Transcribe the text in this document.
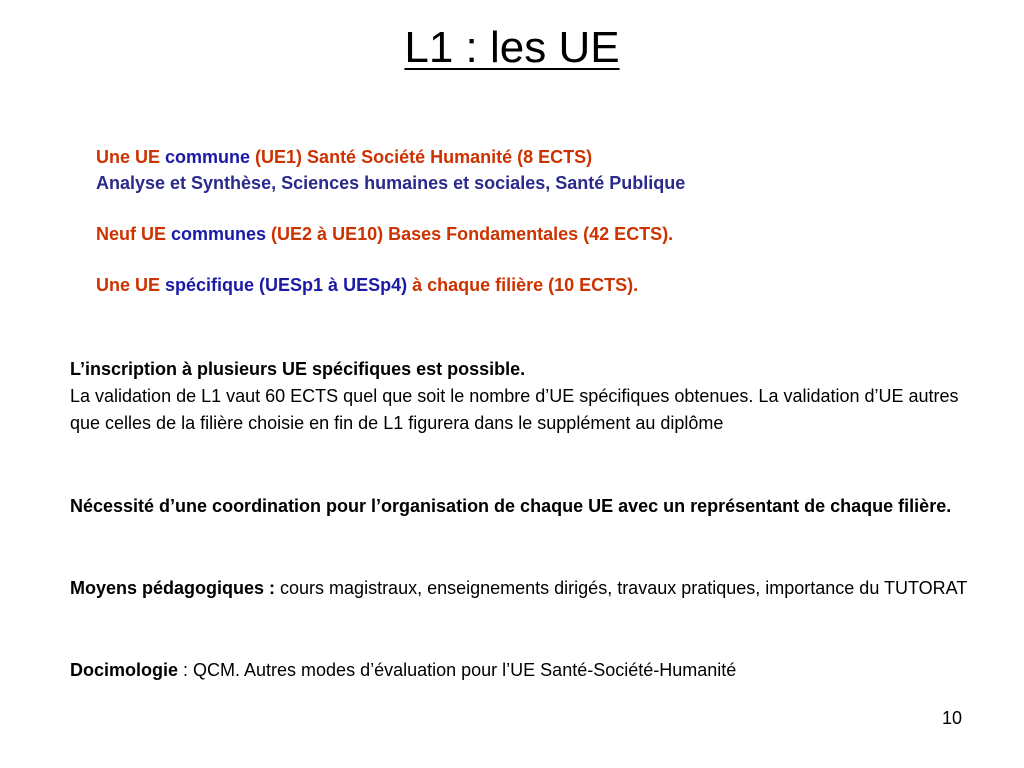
L1 : les UE
Une UE commune (UE1) Santé Société Humanité (8 ECTS)
Analyse et Synthèse, Sciences humaines et sociales, Santé Publique
Neuf UE communes (UE2 à UE10) Bases Fondamentales (42 ECTS).
Une UE spécifique (UESp1 à UESp4) à chaque filière (10 ECTS).
L’inscription à plusieurs UE spécifiques est possible.
La validation de L1 vaut 60 ECTS quel que soit le nombre d’UE spécifiques obtenues. La validation d’UE autres que celles de la filière choisie en fin de L1 figurera dans le supplément au diplôme
Nécessité d’une coordination pour l’organisation de chaque UE avec un représentant de chaque filière.
Moyens pédagogiques : cours magistraux, enseignements dirigés, travaux pratiques, importance du TUTORAT
Docimologie : QCM. Autres modes d’évaluation pour l’UE Santé-Société-Humanité
10
